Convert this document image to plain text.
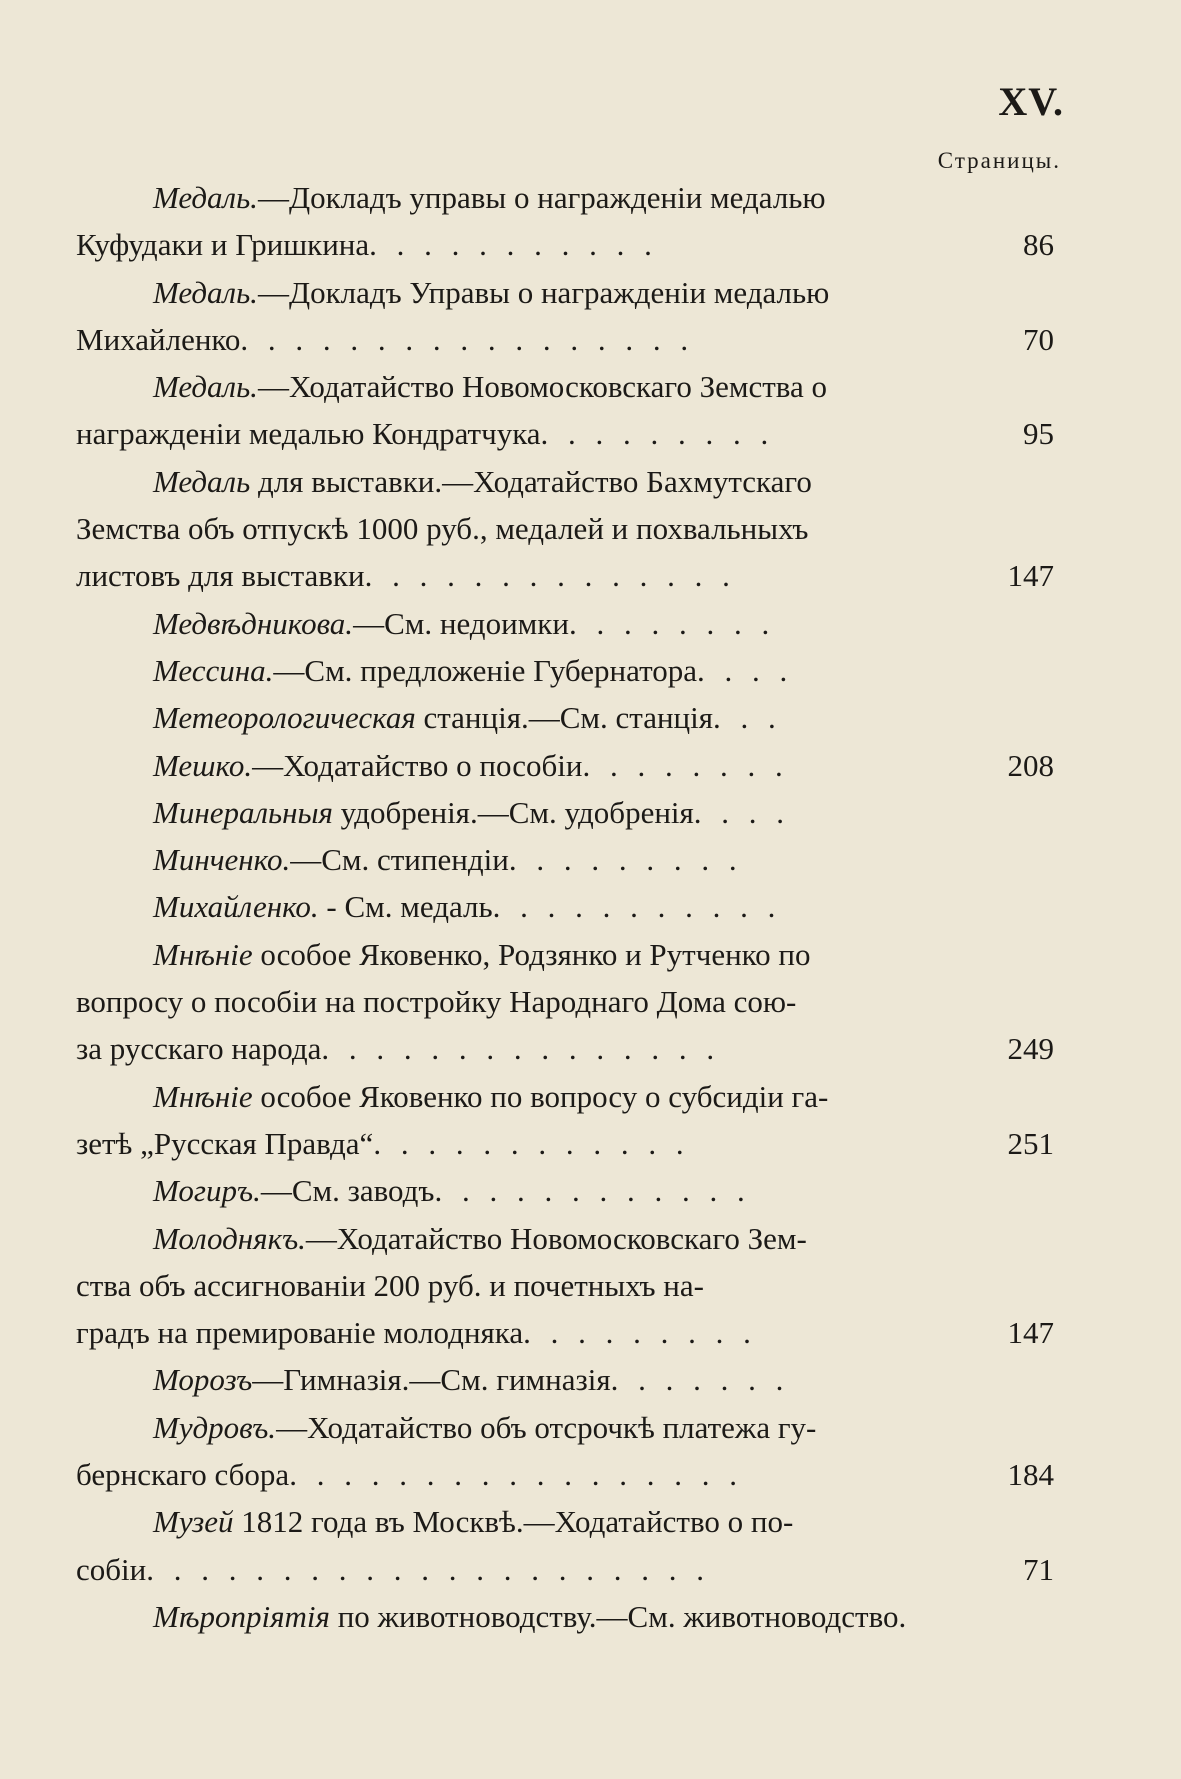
XV.
Страницы.
Медаль.—Докладъ управы о награжденiи медалью
Куфудаки и Гришкина. . . . . . . . . . .	86
Медаль.—Докладъ Управы о награжденiи медалью
Михайленко. . . . . . . . . . . . . . . . .	70
Медаль.—Ходатайство Новомосковскаго Земства о
награжденiи медалью Кондратчука. . . . . . . . .	95
Медаль для выставки.—Ходатайство Бахмутскаго
Земства объ отпускѣ 1000 руб., медалей и похвальныхъ
листовъ для выставки. . . . . . . . . . . . . .	147
Медвѣдникова.—См. недоимки. . . . . . . .
Мессина.—См. предложенiе Губернатора. . . .
Метеорологическая станцiя.—См. станцiя. . .
Мешко.—Ходатайство о пособiи. . . . . . . .	208
Минеральныя удобренiя.—См. удобренiя. . . .
Минченко.—См. стипендiи. . . . . . . . .
Михайленко. - См. медаль. . . . . . . . . . .
Мнѣнiе особое Яковенко, Родзянко и Рутченко по
вопросу о пособiи на постройку Народнаго Дома сою-
за русскаго народа. . . . . . . . . . . . . . .	249
Мнѣнiе особое Яковенко по вопросу о субсидiи га-
зетѣ „Русская Правда“. . . . . . . . . . . .	251
Могиръ.—См. заводъ. . . . . . . . . . . .
Молоднякъ.—Ходатайство Новомосковскаго Зем-
ства объ ассигнованiи 200 руб. и почетныхъ на-
градъ на премированiе молодняка. . . . . . . . .	147
Морозъ—Гимназiя.—См. гимназiя. . . . . . .
Мудровъ.—Ходатайство объ отсрочкѣ платежа гу-
бернскаго сбора. . . . . . . . . . . . . . . . .	184
Музей 1812 года въ Москвѣ.—Ходатайство о по-
собiи. . . . . . . . . . . . . . . . . . . . .	71
Мѣропрiятiя по животноводству.—См. животноводство.
